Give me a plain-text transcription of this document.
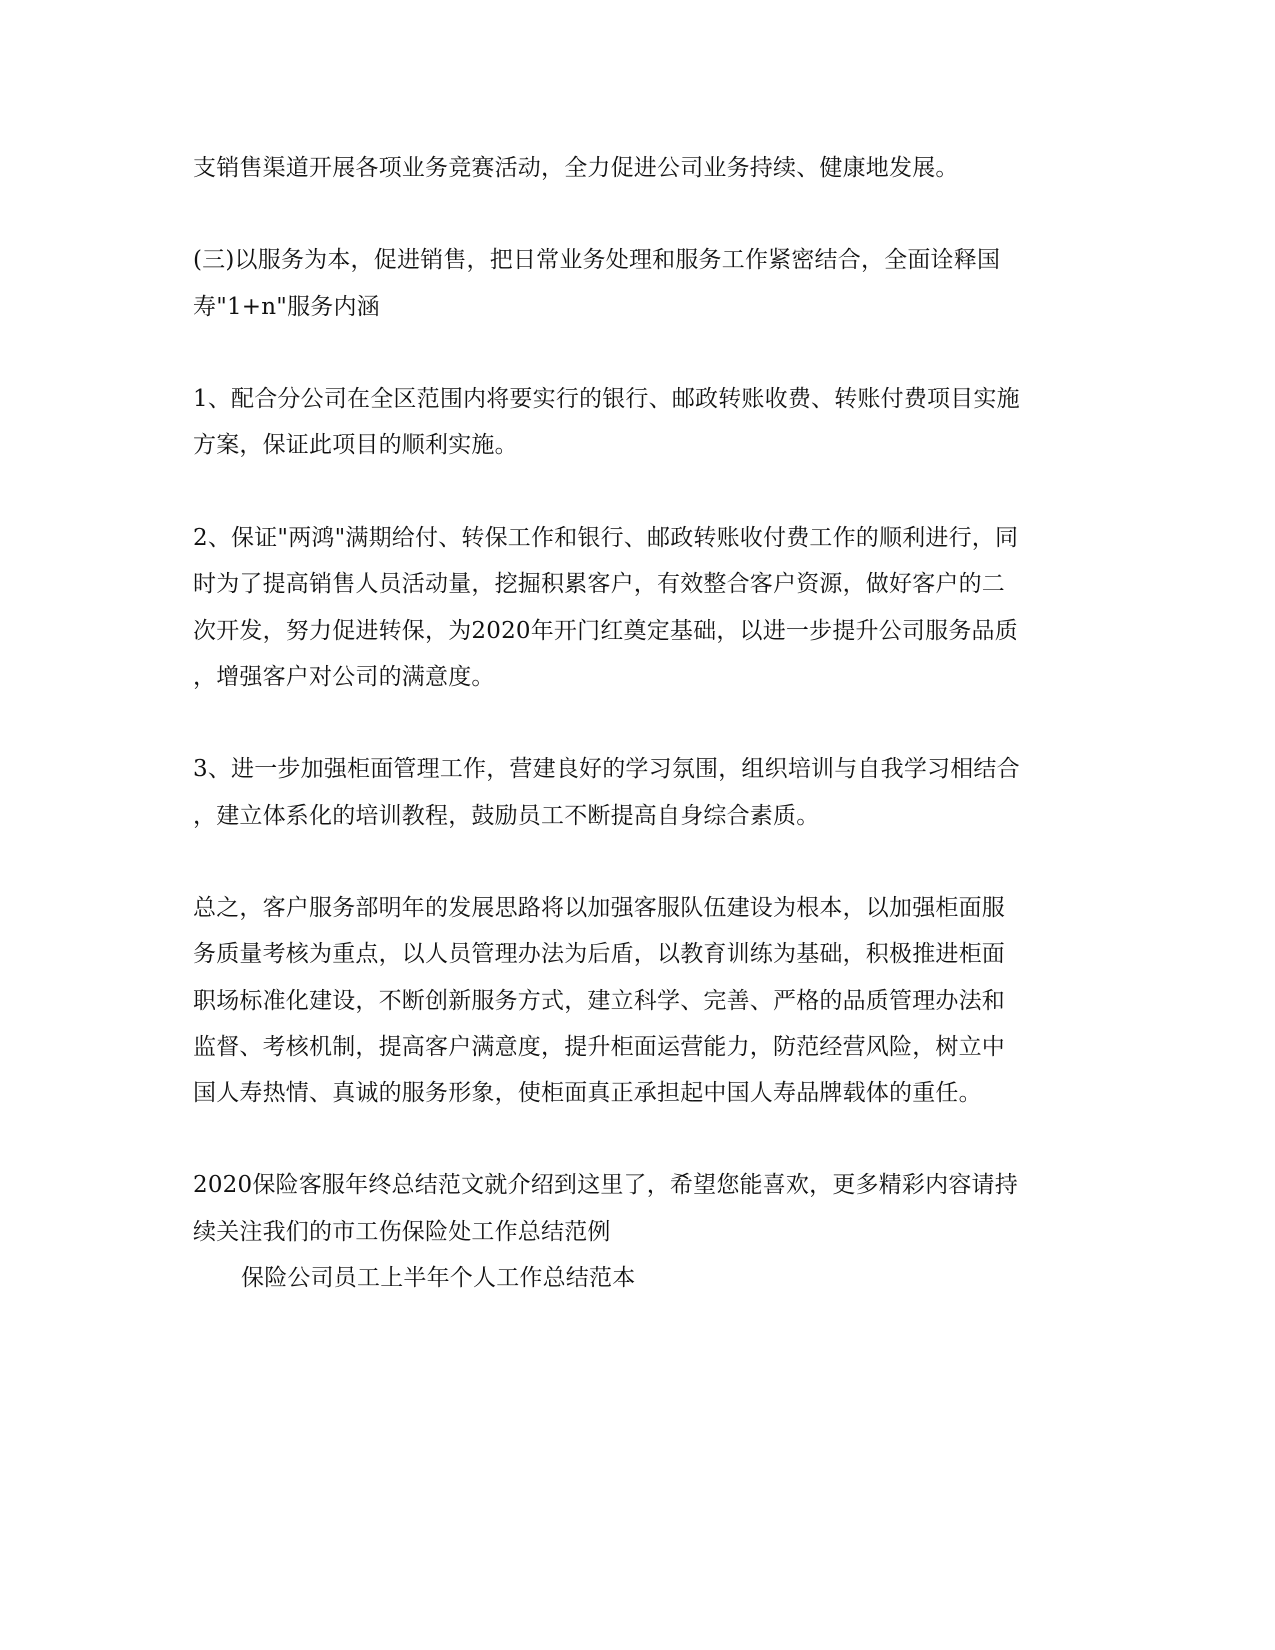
支销售渠道开展各项业务竞赛活动，全力促进公司业务持续、健康地发展。

(三)以服务为本，促进销售，把日常业务处理和服务工作紧密结合，全面诠释国

寿"1+n"服务内涵

1、配合分公司在全区范围内将要实行的银行、邮政转账收费、转账付费项目实施

方案，保证此项目的顺利实施。

2、保证"两鸿"满期给付、转保工作和银行、邮政转账收付费工作的顺利进行，同

时为了提高销售人员活动量，挖掘积累客户，有效整合客户资源，做好客户的二

次开发，努力促进转保，为2020年开门红奠定基础，以进一步提升公司服务品质

，增强客户对公司的满意度。

3、进一步加强柜面管理工作，营建良好的学习氛围，组织培训与自我学习相结合

，建立体系化的培训教程，鼓励员工不断提高自身综合素质。

总之，客户服务部明年的发展思路将以加强客服队伍建设为根本，以加强柜面服

务质量考核为重点，以人员管理办法为后盾，以教育训练为基础，积极推进柜面

职场标准化建设，不断创新服务方式，建立科学、完善、严格的品质管理办法和

监督、考核机制，提高客户满意度，提升柜面运营能力，防范经营风险，树立中

国人寿热情、真诚的服务形象，使柜面真正承担起中国人寿品牌载体的重任。

2020保险客服年终总结范文就介绍到这里了，希望您能喜欢，更多精彩内容请持

续关注我们的市工伤保险处工作总结范例

保险公司员工上半年个人工作总结范本
